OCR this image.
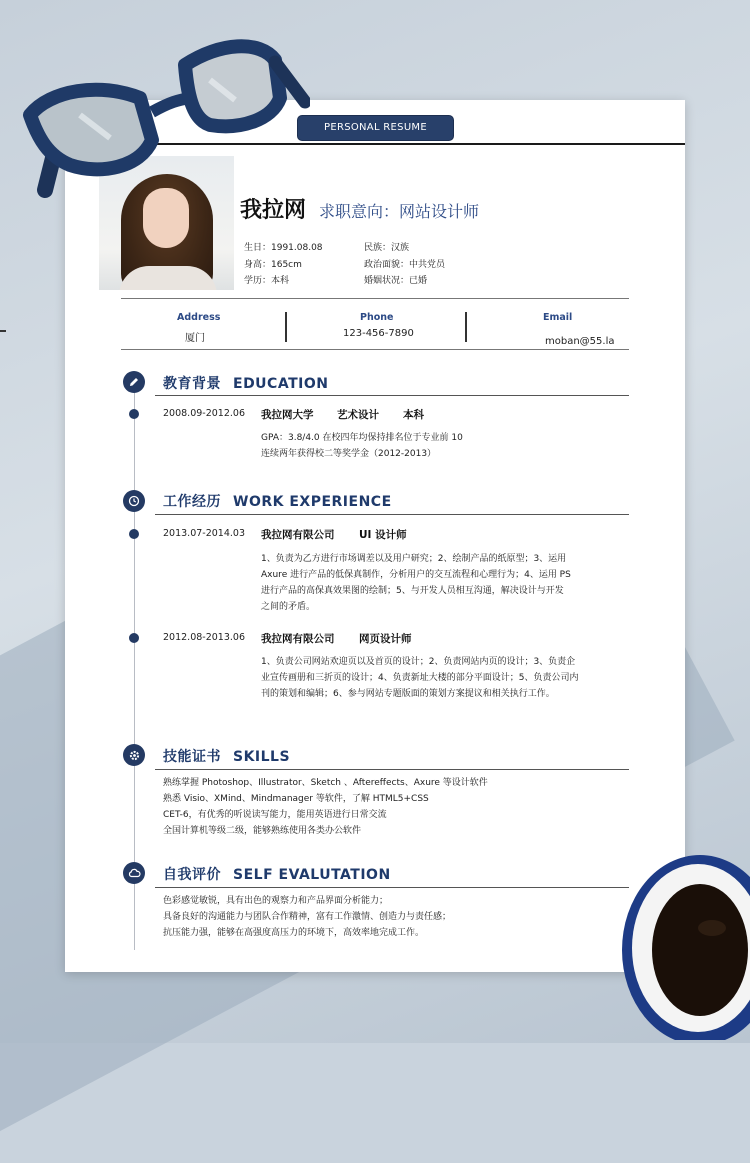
PERSONAL RESUME
我拉网 求职意向：网站设计师
生日：1991.08.08
身高：165cm
学历：本科
民族：汉族
政治面貌：中共党员
婚姻状况：已婚
Address
厦门
Phone
123-456-7890
Email
moban@55.la
教育背景 EDUCATION
2008.09-2012.06 我拉网大学 艺术设计 本科
GPA：3.8/4.0 在校四年均保持排名位于专业前 10
连续两年获得校二等奖学金（2012-2013）
工作经历 WORK EXPERIENCE
2013.07-2014.03 我拉网有限公司 UI 设计师
1、负责为乙方进行市场调差以及用户研究；2、绘制产品的纸原型；3、运用
Axure 进行产品的低保真制作，分析用户的交互流程和心理行为；4、运用 PS
进行产品的高保真效果图的绘制；5、与开发人员相互沟通，解决设计与开发
之间的矛盾。
2012.08-2013.06 我拉网有限公司 网页设计师
1、负责公司网站欢迎页以及首页的设计；2、负责网站内页的设计；3、负责企
业宣传画册和三折页的设计；4、负责新址大楼的部分平面设计；5、负责公司内
刊的策划和编辑；6、参与网站专题版面的策划方案提议和相关执行工作。
技能证书 SKILLS
熟练掌握 Photoshop、Illustrator、Sketch 、Aftereffects、Axure 等设计软件
熟悉 Visio、XMind、Mindmanager 等软件，了解 HTML5+CSS
CET-6，有优秀的听说读写能力，能用英语进行日常交流
全国计算机等级二级，能够熟练使用各类办公软件
自我评价 SELF EVALUTATION
色彩感觉敏锐，具有出色的观察力和产品界面分析能力；
具备良好的沟通能力与团队合作精神，富有工作激情、创造力与责任感；
抗压能力强，能够在高强度高压力的环境下，高效率地完成工作。
